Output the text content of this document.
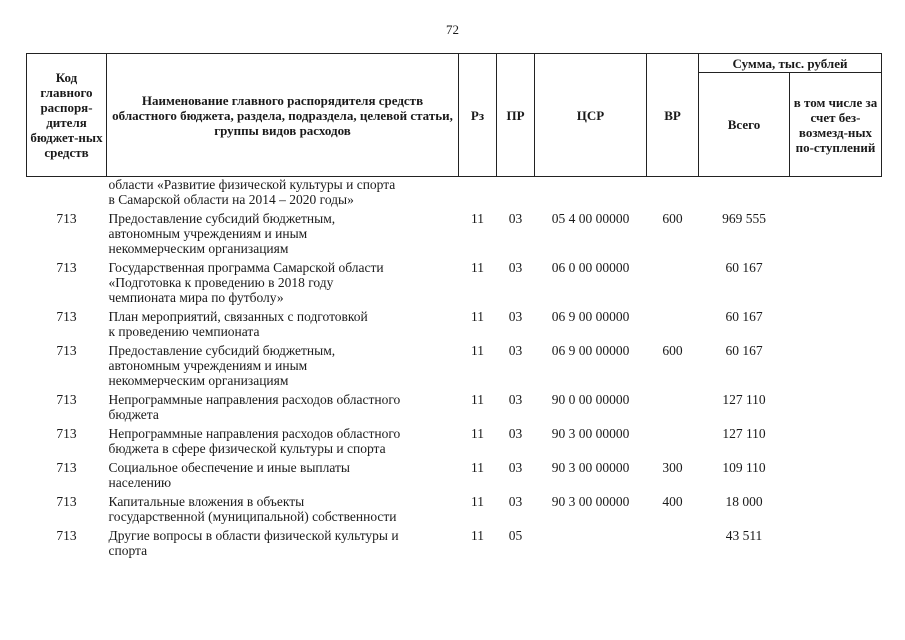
72
Код главного распоря-дителя бюджет-ных средств	Наименование главного распорядителя средств областного бюджета, раздела, подраздела, целевой статьи, группы видов расходов	Рз	ПР	ЦСР	ВР	Сумма, тыс. рублей	
						Всего	в том числе за счет без-возмезд-ных по-ступлений

	области «Развитие физической культуры и спорта
в Самарской области на 2014 – 2020 годы»						

713	Предоставление субсидий бюджетным,
автономным учреждениям и иным
некоммерческим организациям	11	03	05 4 00 00000	600	969 555	
713	Государственная программа Самарской области
«Подготовка к проведению в 2018 году
чемпионата мира по футболу»	11	03	06 0 00 00000		60 167	
713	План мероприятий, связанных с подготовкой
к проведению чемпионата	11	03	06 9 00 00000		60 167	
713	Предоставление субсидий бюджетным,
автономным учреждениям и иным
некоммерческим организациям	11	03	06 9 00 00000	600	60 167	
713	Непрограммные направления расходов областного
бюджета	11	03	90 0 00 00000		127 110	
713	Непрограммные направления расходов областного
бюджета в сфере физической культуры и спорта	11	03	90 3 00 00000		127 110	
713	Социальное обеспечение и иные выплаты
населению	11	03	90 3 00 00000	300	109 110	
713	Капитальные вложения в объекты
государственной (муниципальной) собственности	11	03	90 3 00 00000	400	18 000	
713	Другие вопросы в области физической культуры и
спорта	11	05			43 511	
